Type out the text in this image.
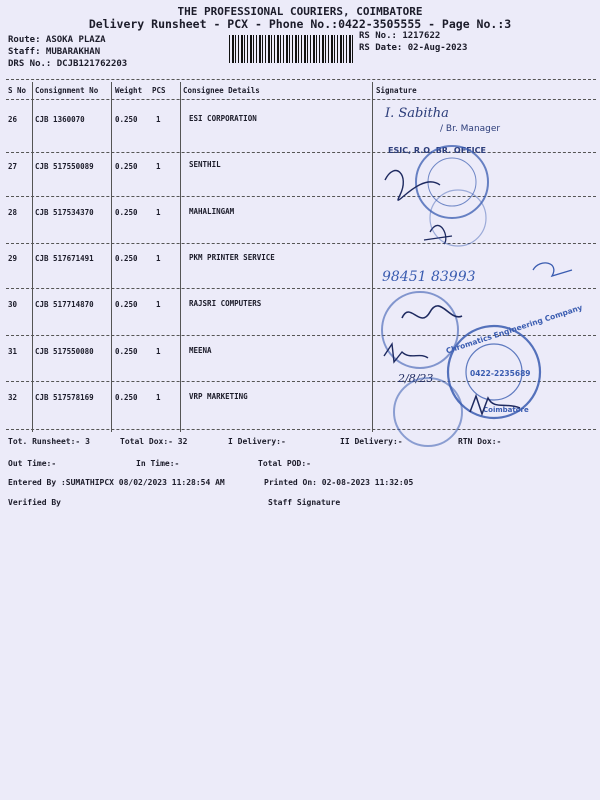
THE PROFESSIONAL COURIERS, COIMBATORE
Delivery Runsheet - PCX - Phone No.:0422-3505555 - Page No.:3
Route: ASOKA PLAZA
Staff: MUBARAKHAN
DRS No.: DCJB121762203
RS No.: 1217622
RS Date: 02-Aug-2023
S No Consignment No Weight PCS Consignee Details	Signature
26 CJB 1360070	0.250 1	ESI CORPORATION
27 CJB 517550089	0.250 1	SENTHIL
28 CJB 517534370	0.250 1	MAHALINGAM
29 CJB 517671491	0.250 1	PKM PRINTER SERVICE
30 CJB 517714870	0.250 1	RAJSRI COMPUTERS
31 CJB 517550080	0.250 1	MEENA
32 CJB 517578169	0.250 1	VRP MARKETING
Tot. Runsheet:- 3	Total Dox:- 32	I Delivery:-	II Delivery:-	RTN Dox:-
Out Time:-	In Time:-	Total POD:-
Entered By :SUMATHIPCX 08/02/2023 11:28:54 AM	Printed On: 02-08-2023 11:32:05
Verified By	Staff Signature
I. Sabitha
/ Br. Manager
ESIC, R.O. BR. OFFICE
98451 83993
2/8/23
Chromatics Engineering Company
0422-2235689
Coimbatore
